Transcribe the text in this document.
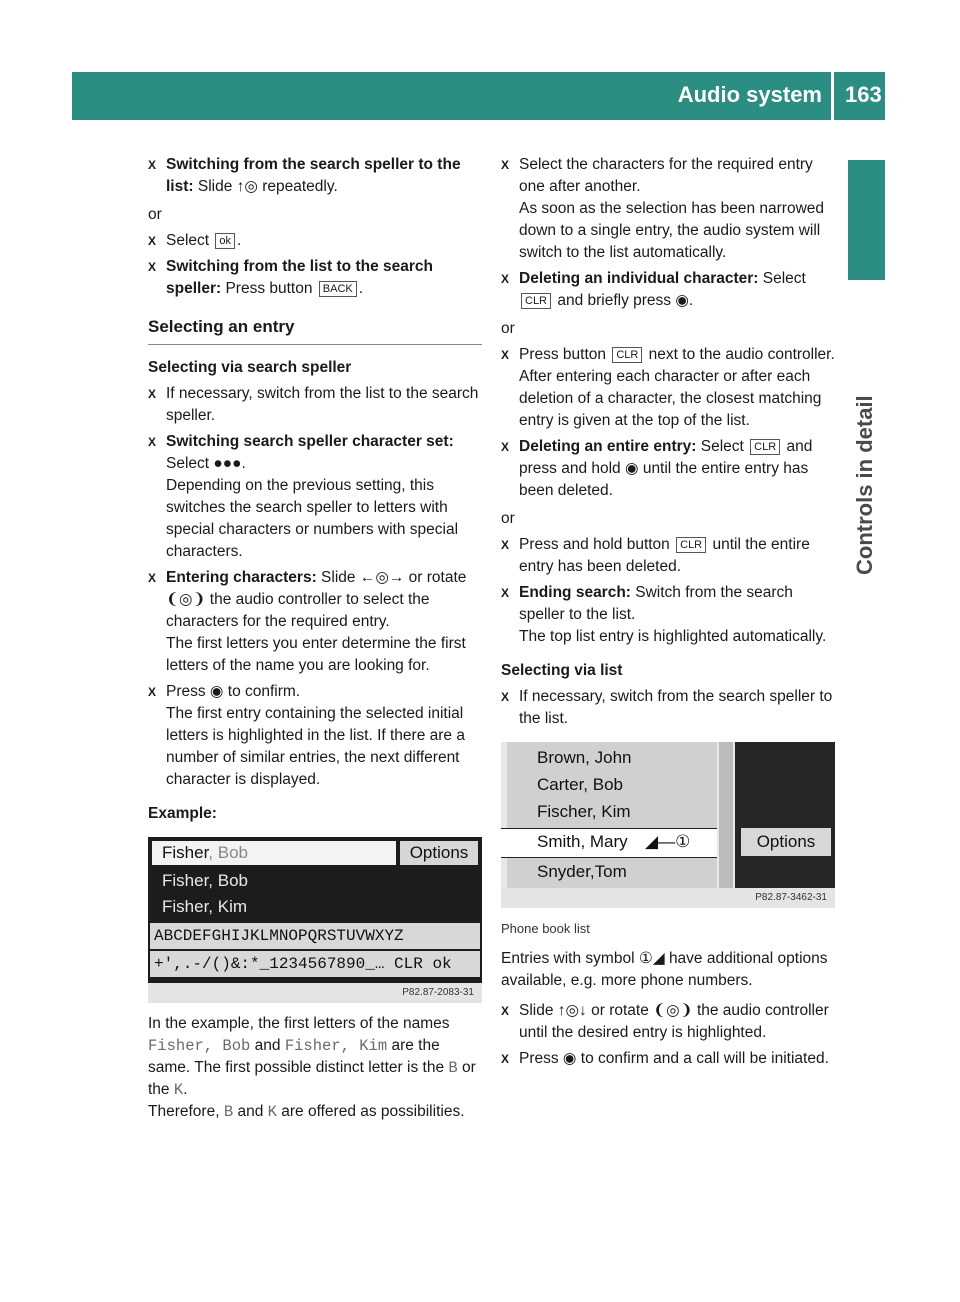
Audio system 163
Controls in detail
X Switching from the search speller to the list: Slide ↑◎ repeatedly.
or
X Select ok .
X Switching from the list to the search speller: Press button BACK .
Selecting an entry
Selecting via search speller
X If necessary, switch from the list to the search speller.
X Switching search speller character set: Select ●●●.
Depending on the previous setting, this switches the search speller to letters with special characters or numbers with special characters.
X Entering characters: Slide ←◎→ or rotate ❨◎❩ the audio controller to select the characters for the required entry.
The first letters you enter determine the first letters of the name you are looking for.
X Press ◉ to confirm.
The first entry containing the selected initial letters is highlighted in the list. If there are a number of similar entries, the next different character is displayed.
Example:
Fisher, Bob	Options
Fisher, Bob
Fisher, Kim
ABCDEFGHIJKLMNOPQRSTUVWXYZ
+',.-/()&:*_1234567890_… CLR ok
P82.87-2083-31
In the example, the first letters of the names Fisher, Bob and Fisher, Kim are the same. The first possible distinct letter is the B or the K.
Therefore, B and K are offered as possibilities.
X Select the characters for the required entry one after another.
As soon as the selection has been narrowed down to a single entry, the audio system will switch to the list automatically.
X Deleting an individual character: Select CLR and briefly press ◉.
or
X Press button CLR next to the audio controller.
After entering each character or after each deletion of a character, the closest matching entry is given at the top of the list.
X Deleting an entire entry: Select CLR and press and hold ◉ until the entire entry has been deleted.
or
X Press and hold button CLR until the entire entry has been deleted.
X Ending search: Switch from the search speller to the list.
The top list entry is highlighted automatically.
Selecting via list
X If necessary, switch from the search speller to the list.
Brown, John
Carter, Bob
Fischer, Kim
Smith, Mary ◢—①
Snyder,Tom
Options
P82.87-3462-31
Phone book list
Entries with symbol ①◢ have additional options available, e.g. more phone numbers.
X Slide ↑◎↓ or rotate ❨◎❩ the audio controller until the desired entry is highlighted.
X Press ◉ to confirm and a call will be initiated.
